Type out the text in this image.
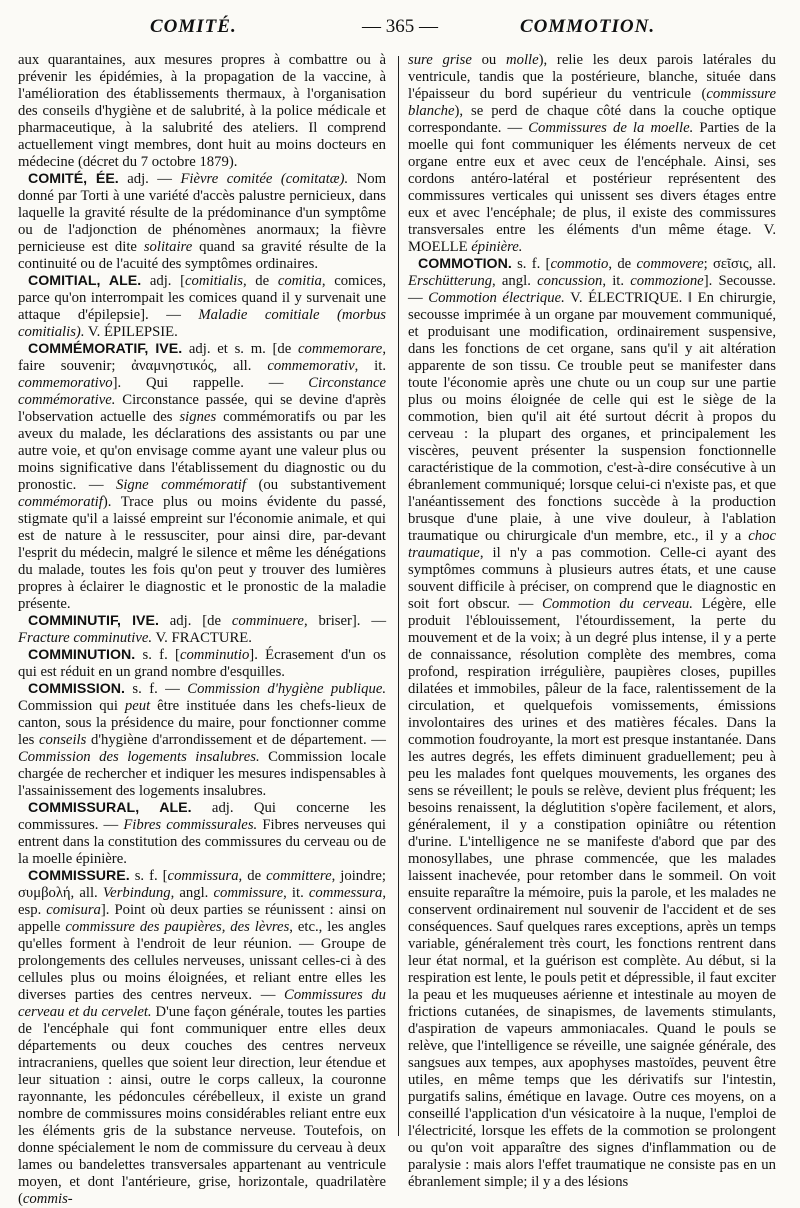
COMITÉ.	— 365 —	COMMOTION.

aux quarantaines, aux mesures propres à combattre ou à prévenir les épidémies, à la propagation de la vaccine, à l'amélioration des établissements thermaux, à l'organisation des conseils d'hygiène et de salubrité, à la police médicale et pharmaceutique, à la salubrité des ateliers. Il comprend actuellement vingt membres, dont huit au moins docteurs en médecine (décret du 7 octobre 1879).

COMITÉ, ÉE. adj. — Fièvre comitée (comitatæ). Nom donné par Torti à une variété d'accès palustre pernicieux, dans laquelle la gravité résulte de la prédominance d'un symptôme ou de l'adjonction de phénomènes anormaux; la fièvre pernicieuse est dite solitaire quand sa gravité résulte de la continuité ou de l'acuité des symptômes ordinaires.

COMITIAL, ALE. adj. [comitialis, de comitia, comices, parce qu'on interrompait les comices quand il y survenait une attaque d'épilepsie]. — Maladie comitiale (morbus comitialis). V. ÉPILEPSIE.

COMMÉMORATIF, IVE. adj. et s. m. [de commemorare, faire souvenir; ἀναμνηστικός, all. commemorativ, it. commemorativo]. Qui rappelle. — Circonstance commémorative. Circonstance passée, qui se devine d'après l'observation actuelle des signes commémoratifs ou par les aveux du malade, les déclarations des assistants ou par une autre voie, et qu'on envisage comme ayant une valeur plus ou moins significative dans l'établissement du diagnostic ou du pronostic. — Signe commémoratif (ou substantivement commémoratif). Trace plus ou moins évidente du passé, stigmate qu'il a laissé empreint sur l'économie animale, et qui est de nature à le ressusciter, pour ainsi dire, par-devant l'esprit du médecin, malgré le silence et même les dénégations du malade, toutes les fois qu'on peut y trouver des lumières propres à éclairer le diagnostic et le pronostic de la maladie présente.

COMMINUTIF, IVE. adj. [de comminuere, briser]. — Fracture comminutive. V. FRACTURE.

COMMINUTION. s. f. [comminutio]. Écrasement d'un os qui est réduit en un grand nombre d'esquilles.

COMMISSION. s. f. — Commission d'hygiène publique. Commission qui peut être instituée dans les chefs-lieux de canton, sous la présidence du maire, pour fonctionner comme les conseils d'hygiène d'arrondissement et de département. — Commission des logements insalubres. Commission locale chargée de rechercher et indiquer les mesures indispensables à l'assainissement des logements insalubres.

COMMISSURAL, ALE. adj. Qui concerne les commissures. — Fibres commissurales. Fibres nerveuses qui entrent dans la constitution des commissures du cerveau ou de la moelle épinière.

COMMISSURE. s. f. [commissura, de committere, joindre; συμβολή, all. Verbindung, angl. commissure, it. commessura, esp. comisura]. Point où deux parties se réunissent : ainsi on appelle commissure des paupières, des lèvres, etc., les angles qu'elles forment à l'endroit de leur réunion. — Groupe de prolongements des cellules nerveuses, unissant celles-ci à des cellules plus ou moins éloignées, et reliant entre elles les diverses parties des centres nerveux. — Commissures du cerveau et du cervelet. D'une façon générale, toutes les parties de l'encéphale qui font communiquer entre elles deux départements ou deux couches des centres nerveux intracraniens, quelles que soient leur direction, leur étendue et leur situation : ainsi, outre le corps calleux, la couronne rayonnante, les pédoncules cérébelleux, il existe un grand nombre de commissures moins considérables reliant entre eux les éléments gris de la substance nerveuse. Toutefois, on donne spécialement le nom de commissure du cerveau à deux lames ou bandelettes transversales appartenant au ventricule moyen, et dont l'antérieure, grise, horizontale, quadrilatère (commis-

sure grise ou molle), relie les deux parois latérales du ventricule, tandis que la postérieure, blanche, située dans l'épaisseur du bord supérieur du ventricule (commissure blanche), se perd de chaque côté dans la couche optique correspondante. — Commissures de la moelle. Parties de la moelle qui font communiquer les éléments nerveux de cet organe entre eux et avec ceux de l'encéphale. Ainsi, ses cordons antéro-latéral et postérieur représentent des commissures verticales qui unissent ses divers étages entre eux et avec l'encéphale; de plus, il existe des commissures transversales entre les éléments d'un même étage. V. MOELLE épinière.

COMMOTION. s. f. [commotio, de commovere; σεῖσις, all. Erschütterung, angl. concussion, it. commozione]. Secousse. — Commotion électrique. V. ÉLECTRIQUE. ‖ En chirurgie, secousse imprimée à un organe par mouvement communiqué, et produisant une modification, ordinairement suspensive, dans les fonctions de cet organe, sans qu'il y ait altération apparente de son tissu. Ce trouble peut se manifester dans toute l'économie après une chute ou un coup sur une partie plus ou moins éloignée de celle qui est le siège de la commotion, bien qu'il ait été surtout décrit à propos du cerveau : la plupart des organes, et principalement les viscères, peuvent présenter la suspension fonctionnelle caractéristique de la commotion, c'est-à-dire consécutive à un ébranlement communiqué; lorsque celui-ci n'existe pas, et que l'anéantissement des fonctions succède à la production brusque d'une plaie, à une vive douleur, à l'ablation traumatique ou chirurgicale d'un membre, etc., il y a choc traumatique, il n'y a pas commotion. Celle-ci ayant des symptômes communs à plusieurs autres états, et une cause souvent difficile à préciser, on comprend que le diagnostic en soit fort obscur. — Commotion du cerveau. Légère, elle produit l'éblouissement, l'étourdissement, la perte du mouvement et de la voix; à un degré plus intense, il y a perte de connaissance, résolution complète des membres, coma profond, respiration irrégulière, paupières closes, pupilles dilatées et immobiles, pâleur de la face, ralentissement de la circulation, et quelquefois vomissements, émissions involontaires des urines et des matières fécales. Dans la commotion foudroyante, la mort est presque instantanée. Dans les autres degrés, les effets diminuent graduellement; peu à peu les malades font quelques mouvements, les organes des sens se réveillent; le pouls se relève, devient plus fréquent; les besoins renaissent, la déglutition s'opère facilement, et alors, généralement, il y a constipation opiniâtre ou rétention d'urine. L'intelligence ne se manifeste d'abord que par des monosyllabes, une phrase commencée, que les malades laissent inachevée, pour retomber dans le sommeil. On voit ensuite reparaître la mémoire, puis la parole, et les malades ne conservent ordinairement nul souvenir de l'accident et de ses conséquences. Sauf quelques rares exceptions, après un temps variable, généralement très court, les fonctions rentrent dans leur état normal, et la guérison est complète. Au début, si la respiration est lente, le pouls petit et dépressible, il faut exciter la peau et les muqueuses aérienne et intestinale au moyen de frictions cutanées, de sinapismes, de lavements stimulants, d'aspiration de vapeurs ammoniacales. Quand le pouls se relève, que l'intelligence se réveille, une saignée générale, des sangsues aux tempes, aux apophyses mastoïdes, peuvent être utiles, en même temps que les dérivatifs sur l'intestin, purgatifs salins, émétique en lavage. Outre ces moyens, on a conseillé l'application d'un vésicatoire à la nuque, l'emploi de l'électricité, lorsque les effets de la commotion se prolongent ou qu'on voit apparaître des signes d'inflammation ou de paralysie : mais alors l'effet traumatique ne consiste pas en un ébranlement simple; il y a des lésions
